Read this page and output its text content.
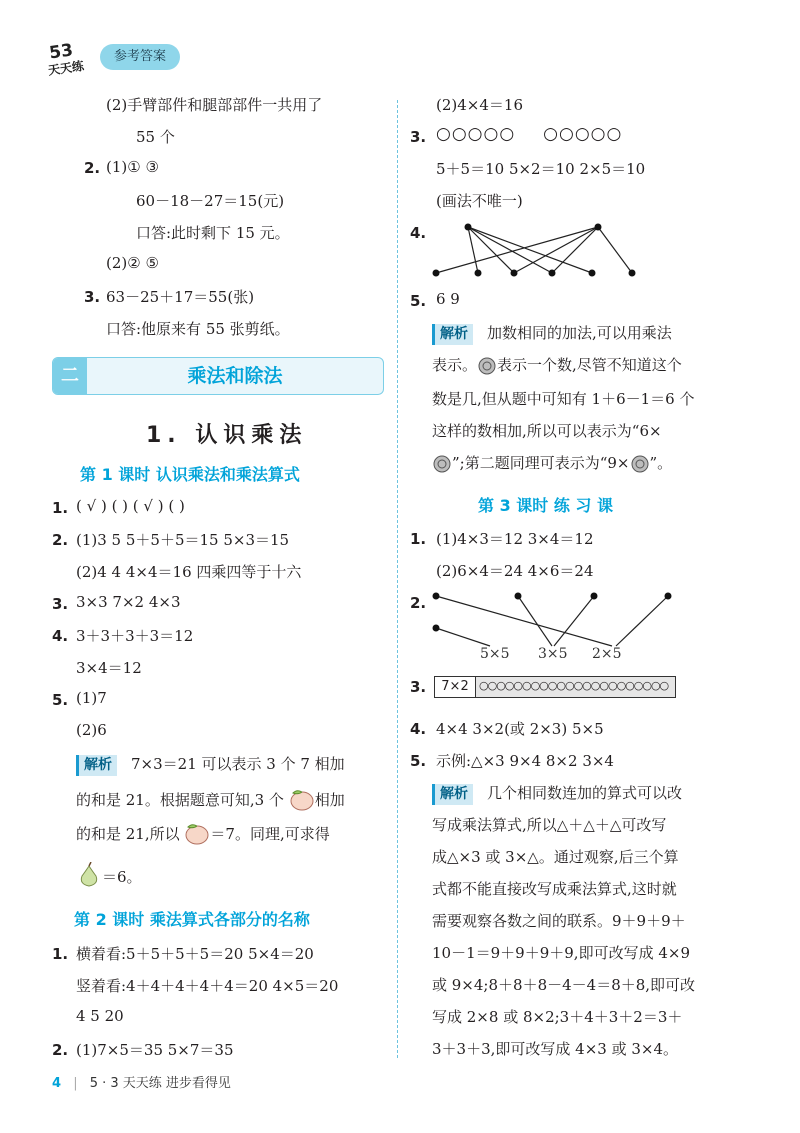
53
天天练
参考答案
(2)手臂部件和腿部部件一共用了
55 个
2. (1)① ③
60－18－27＝15(元)
口答:此时剩下 15 元。
(2)② ⑤
3. 63－25＋17＝55(张)
口答:他原来有 55 张剪纸。
二	乘法和除法
1. 认识乘法
第 1 课时 认识乘法和乘法算式
1. ( √ ) ( ) ( √ ) ( )
2. (1)3 5 5＋5＋5＝15 5×3＝15
(2)4 4 4×4＝16 四乘四等于十六
3. 3×3 7×2 4×3
4. 3＋3＋3＋3＝12
3×4＝12
5. (1)7
(2)6
解析 7×3＝21 可以表示 3 个 7 相加
的和是 21。根据题意可知,3 个 相加
的和是 21,所以 ＝7。同理,可求得
＝6。
第 2 课时 乘法算式各部分的名称
1. 横着看:5＋5＋5＋5＝20 5×4＝20
竖着看:4＋4＋4＋4＋4＝20 4×5＝20
4 5 20
2. (1)7×5＝35 5×7＝35
(2)4×4＝16
3. ○○○○○ ○○○○○
5＋5＝10 5×2＝10 2×5＝10
(画法不唯一)
4.
5. 6 9
解析 加数相同的加法,可以用乘法
表示。 表示一个数,尽管不知道这个
数是几,但从题中可知有 1＋6－1＝6 个
这样的数相加,所以可以表示为“6×
”;第二题同理可表示为“9× ”。
第 3 课时 练 习 课
1. (1)4×3＝12 3×4＝12
(2)6×4＝24 4×6＝24
2.
5×5 3×5 2×5
3.	7×2 ○○○○○○○○○○○○○○○○○○○○○○
4. 4×4 3×2(或 2×3) 5×5
5. 示例:△×3 9×4 8×2 3×4
解析 几个相同数连加的算式可以改
写成乘法算式,所以△＋△＋△可改写
成△×3 或 3×△。通过观察,后三个算
式都不能直接改写成乘法算式,这时就
需要观察各数之间的联系。9＋9＋9＋
10－1＝9＋9＋9＋9,即可改写成 4×9
或 9×4;8＋8＋8－4－4＝8＋8,即可改
写成 2×8 或 8×2;3＋4＋3＋2＝3＋
3＋3＋3,即可改写成 4×3 或 3×4。
4 | 5 · 3 天天练 进步看得见
